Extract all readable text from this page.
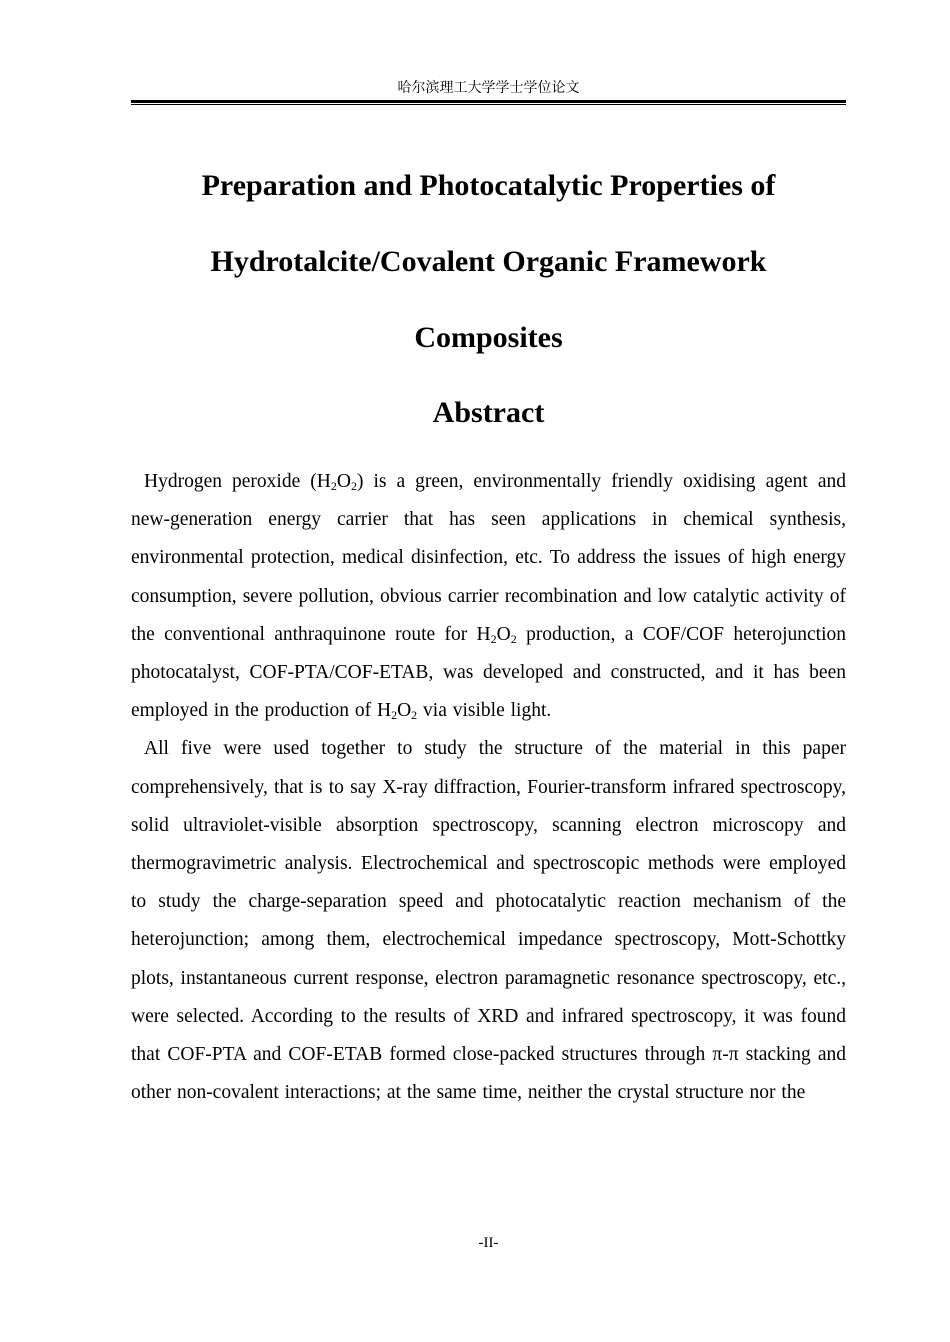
哈尔滨理工大学学士学位论文
Preparation and Photocatalytic Properties of
Hydrotalcite/Covalent Organic Framework
Composites
Abstract

Hydrogen peroxide $(H_2O_2)$ is a green, environmentally friendly oxidising agent and new-generation energy carrier that has seen applications in chemical synthesis, environmental protection, medical disinfection, etc. To address the issues of high energy consumption, severe pollution, obvious carrier recombination and low catalytic activity of the conventional anthraquinone route for $H_2O_2$ production, a COF/COF heterojunction photocatalyst, COF-PTA/COF-ETAB, was developed and constructed, and it has been employed in the production of $H_2O_2$ via visible light.

All five were used together to study the structure of the material in this paper comprehensively, that is to say X-ray diffraction, Fourier-transform infrared spectroscopy, solid ultraviolet-visible absorption spectroscopy, scanning electron microscopy and thermogravimetric analysis. Electrochemical and spectroscopic methods were employed to study the charge-separation speed and photocatalytic reaction mechanism of the heterojunction; among them, electrochemical impedance spectroscopy, Mott-Schottky plots, instantaneous current response, electron paramagnetic resonance spectroscopy, etc., were selected. According to the results of XRD and infrared spectroscopy, it was found that COF-PTA and COF-ETAB formed close-packed structures through π-π stacking and other non-covalent interactions; at the same time, neither the crystal structure nor the

-II-
